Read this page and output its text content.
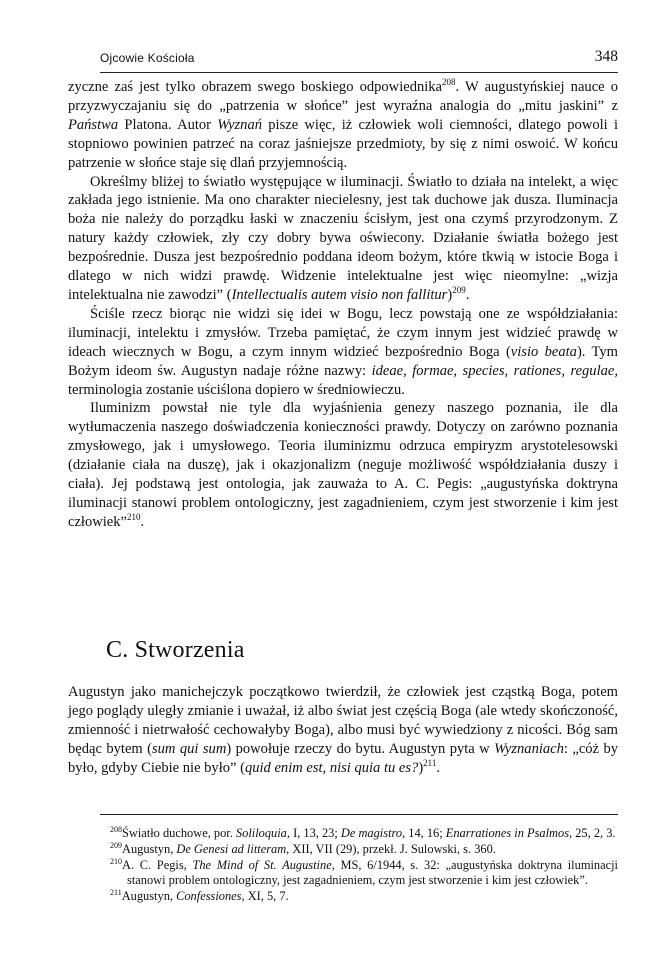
Ojcowie Kościoła	348

zyczne zaś jest tylko obrazem swego boskiego odpowiednika$^{208}$. W augustyńskiej nauce o przyzwyczajaniu się do „patrzenia w słońce” jest wyraźna analogia do „mitu jaskini” z Państwa Platona. Autor Wyznań pisze więc, iż człowiek woli ciemności, dlatego powoli i stopniowo powinien patrzeć na coraz jaśniejsze przedmioty, by się z nimi oswoić. W końcu patrzenie w słońce staje się dlań przyjemnością.

Określmy bliżej to światło występujące w iluminacji. Światło to działa na intelekt, a więc zakłada jego istnienie. Ma ono charakter niecielesny, jest tak duchowe jak dusza. Iluminacja boża nie należy do porządku łaski w znaczeniu ścisłym, jest ona czymś przyrodzonym. Z natury każdy człowiek, zły czy dobry bywa oświecony. Działanie światła bożego jest bezpośrednie. Dusza jest bezpośrednio poddana ideom bożym, które tkwią w istocie Boga i dlatego w nich widzi prawdę. Widzenie intelektualne jest więc nieomylne: „wizja intelektualna nie zawodzi” (Intellectualis autem visio non fallitur)$^{209}$.

Ściśle rzecz biorąc nie widzi się idei w Bogu, lecz powstają one ze współdziałania: iluminacji, intelektu i zmysłów. Trzeba pamiętać, że czym innym jest widzieć prawdę w ideach wiecznych w Bogu, a czym innym widzieć bezpośrednio Boga (visio beata). Tym Bożym ideom św. Augustyn nadaje różne nazwy: ideae, formae, species, rationes, regulae, terminologia zostanie uściślona dopiero w średniowieczu.

Iluminizm powstał nie tyle dla wyjaśnienia genezy naszego poznania, ile dla wytłumaczenia naszego doświadczenia konieczności prawdy. Dotyczy on zarówno poznania zmysłowego, jak i umysłowego. Teoria iluminizmu odrzuca empiryzm arystotelesowski (działanie ciała na duszę), jak i okazjonalizm (neguje możliwość współdziałania duszy i ciała). Jej podstawą jest ontologia, jak zauważa to A. C. Pegis: „augustyńska doktryna iluminacji stanowi problem ontologiczny, jest zagadnieniem, czym jest stworzenie i kim jest człowiek”$^{210}$.

C. Stworzenia

Augustyn jako manichejczyk początkowo twierdził, że człowiek jest cząstką Boga, potem jego poglądy uległy zmianie i uważał, iż albo świat jest częścią Boga (ale wtedy skończoność, zmienność i nietrwałość cechowałyby Boga), albo musi być wywiedziony z nicości. Bóg sam będąc bytem (sum qui sum) powołuje rzeczy do bytu. Augustyn pyta w Wyznaniach: „cóż by było, gdyby Ciebie nie było” (quid enim est, nisi quia tu es?)$^{211}$.

$^{208}$Światło duchowe, por. Soliloquia, I, 13, 23; De magistro, 14, 16; Enarrationes in Psalmos, 25, 2, 3.

$^{209}$Augustyn, De Genesi ad litteram, XII, VII (29), przekł. J. Sulowski, s. 360.

$^{210}$A. C. Pegis, The Mind of St. Augustine, MS, 6/1944, s. 32: „augustyńska doktryna iluminacji stanowi problem ontologiczny, jest zagadnieniem, czym jest stworzenie i kim jest człowiek”.

$^{211}$Augustyn, Confessiones, XI, 5, 7.
